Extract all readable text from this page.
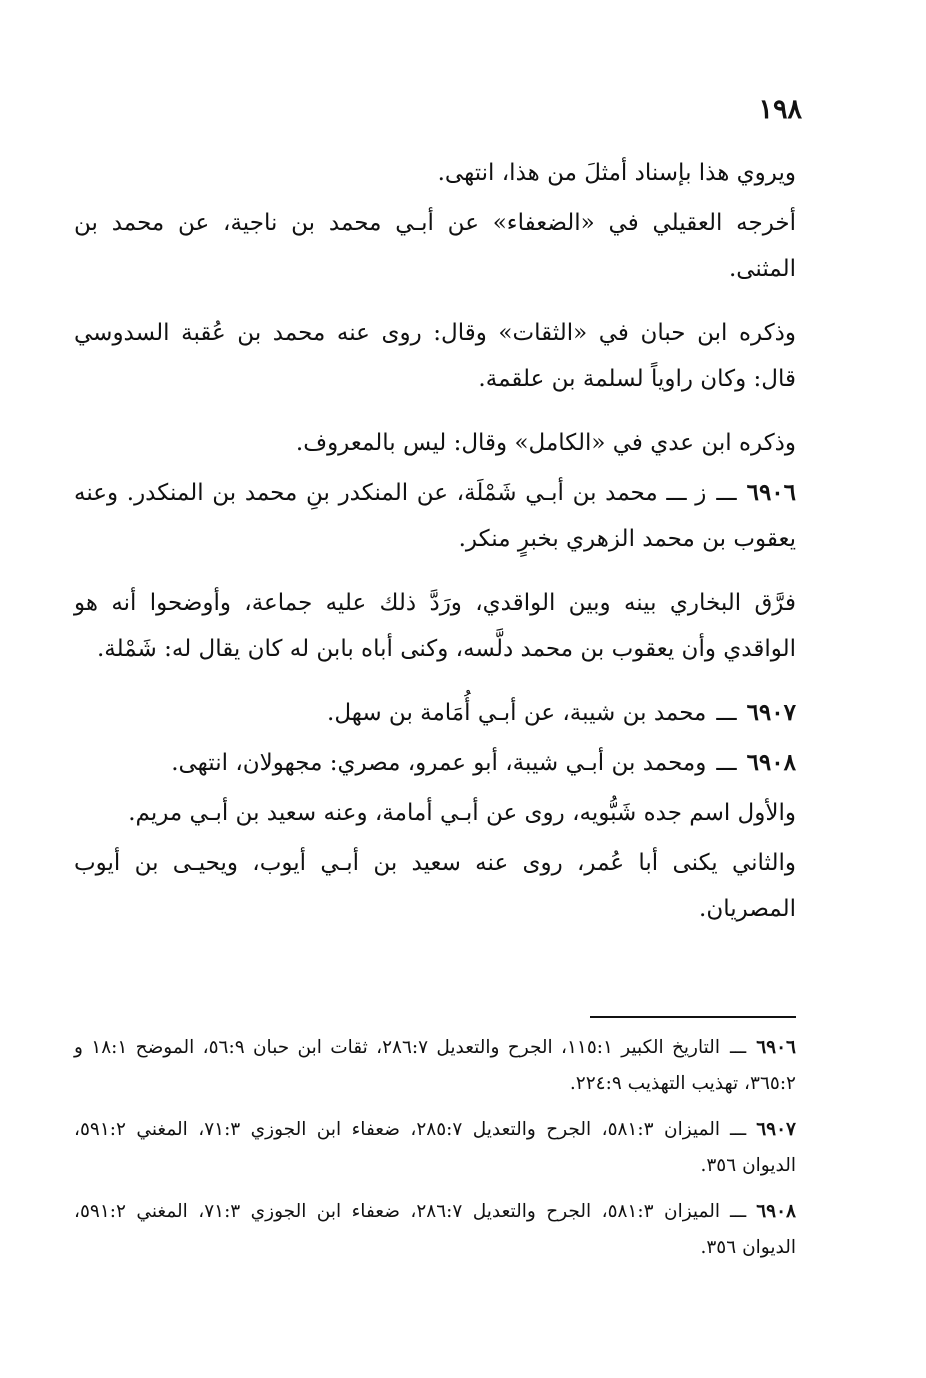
١٩٨

ويروي هذا بإسناد أمثلَ من هذا، انتهى.

أخرجه العقيلي في «الضعفاء» عن أبـي محمد بن ناجية، عن محمد بن المثنى.

وذكره ابن حبان في «الثقات» وقال: روى عنه محمد بن عُقبة السدوسي قال: وكان راوياً لسلمة بن علقمة.

وذكره ابن عدي في «الكامل» وقال: ليس بالمعروف.

٦٩٠٦ـــز ـــ محمد بن أبـي شَمْلَة، عن المنكدر بنِ محمد بن المنكدر. وعنه يعقوب بن محمد الزهري بخبرٍ منكر.

فرَّق البخاري بينه وبين الواقدي، ورَدَّ ذلك عليه جماعة، وأوضحوا أنه هو الواقدي وأن يعقوب بن محمد دلَّسه، وكنى أباه بابن له كان يقال له: شَمْلة.

٦٩٠٧ـــمحمد بن شيبة، عن أبـي أُمَامة بن سهل.

٦٩٠٨ـــومحمد بن أبـي شيبة، أبو عمرو، مصري: مجهولان، انتهى.

والأول اسم جده شَبُّويه، روى عن أبـي أمامة، وعنه سعيد بن أبـي مريم.

والثاني يكنى أبا عُمر، روى عنه سعيد بن أبـي أيوب، ويحيـى بن أيوب المصريان.

٦٩٠٦ـــالتاريخ الكبير ١١٥:١، الجرح والتعديل ٢٨٦:٧، ثقات ابن حبان ٥٦:٩، الموضح ١٨:١ و ٣٦٥:٢، تهذيب التهذيب ٢٢٤:٩.

٦٩٠٧ـــالميزان ٥٨١:٣، الجرح والتعديل ٢٨٥:٧، ضعفاء ابن الجوزي ٧١:٣، المغني ٥٩١:٢، الديوان ٣٥٦.

٦٩٠٨ـــالميزان ٥٨١:٣، الجرح والتعديل ٢٨٦:٧، ضعفاء ابن الجوزي ٧١:٣، المغني ٥٩١:٢، الديوان ٣٥٦.
